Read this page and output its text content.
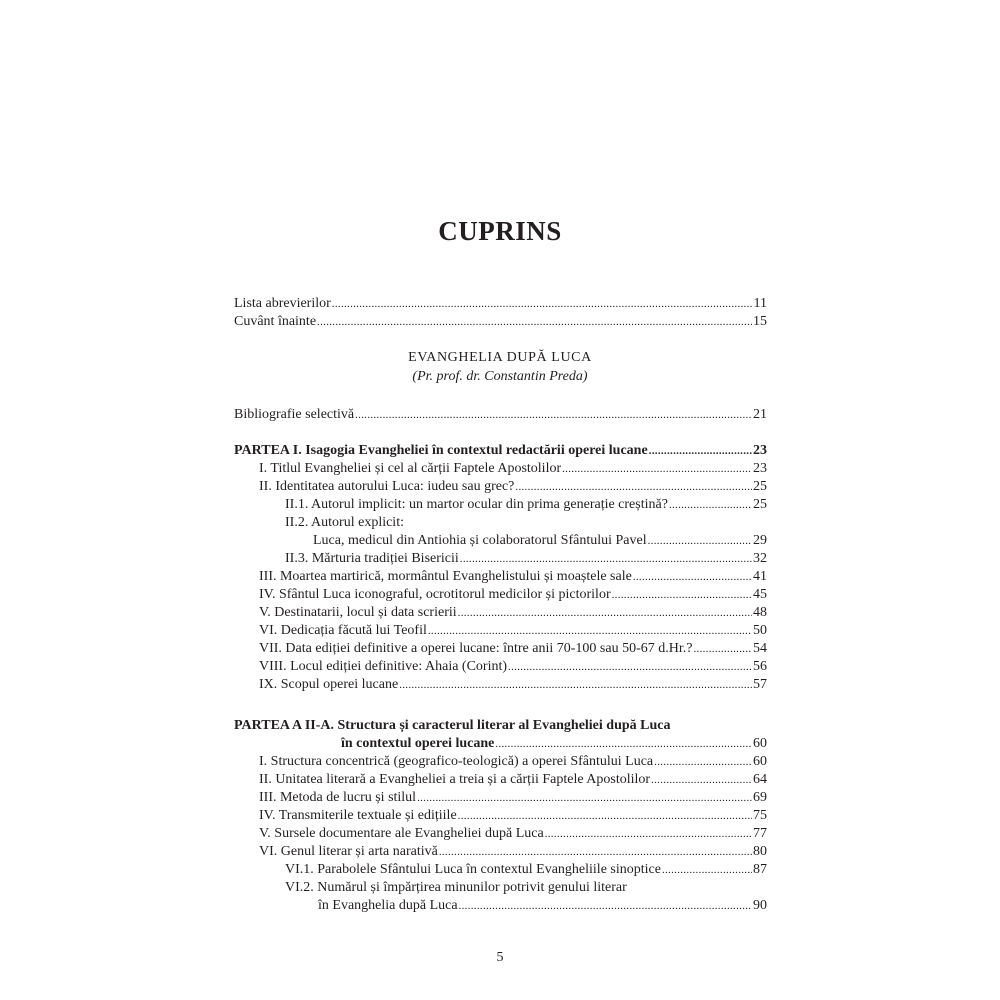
CUPRINS
Lista abrevierilor .....	11
Cuvânt înainte .....	15
Bibliografie selectivă .....	21
PARTEA I. Isagogia Evangheliei în contextul redactării operei lucane .....	23
I. Titlul Evangheliei și cel al cărții Faptele Apostolilor .....	23
II. Identitatea autorului Luca: iudeu sau grec? .....	25
II.1. Autorul implicit: un martor ocular din prima generație creștină? .....	25
II.2. Autorul explicit:
Luca, medicul din Antiohia și colaboratorul Sfântului Pavel .....	29
II.3. Mărturia tradiției Bisericii .....	32
III. Moartea martirică, mormântul Evanghelistului și moaștele sale .....	41
IV. Sfântul Luca iconograful, ocrotitorul medicilor și pictorilor .....	45
V. Destinatarii, locul și data scrierii .....	48
VI. Dedicația făcută lui Teofil .....	50
VII. Data ediției definitive a operei lucane: între anii 70-100 sau 50-67 d.Hr.? .....	54
VIII. Locul ediției definitive: Ahaia (Corint) .....	56
IX. Scopul operei lucane .....	57
PARTEA A II-A. Structura și caracterul literar al Evangheliei după Luca
în contextul operei lucane .....	60
I. Structura concentrică (geografico-teologică) a operei Sfântului Luca .....	60
II. Unitatea literară a Evangheliei a treia și a cărții Faptele Apostolilor .....	64
III. Metoda de lucru și stilul .....	69
IV. Transmiterile textuale și edițiile .....	75
V. Sursele documentare ale Evangheliei după Luca .....	77
VI. Genul literar și arta narativă .....	80
VI.1. Parabolele Sfântului Luca în contextul Evangheliile sinoptice .....	87
VI.2. Numărul și împărțirea minunilor potrivit genului literar
în Evanghelia după Luca .....	90
EVANGHELIA DUPĂ LUCA
(Pr. prof. dr. Constantin Preda)
5
